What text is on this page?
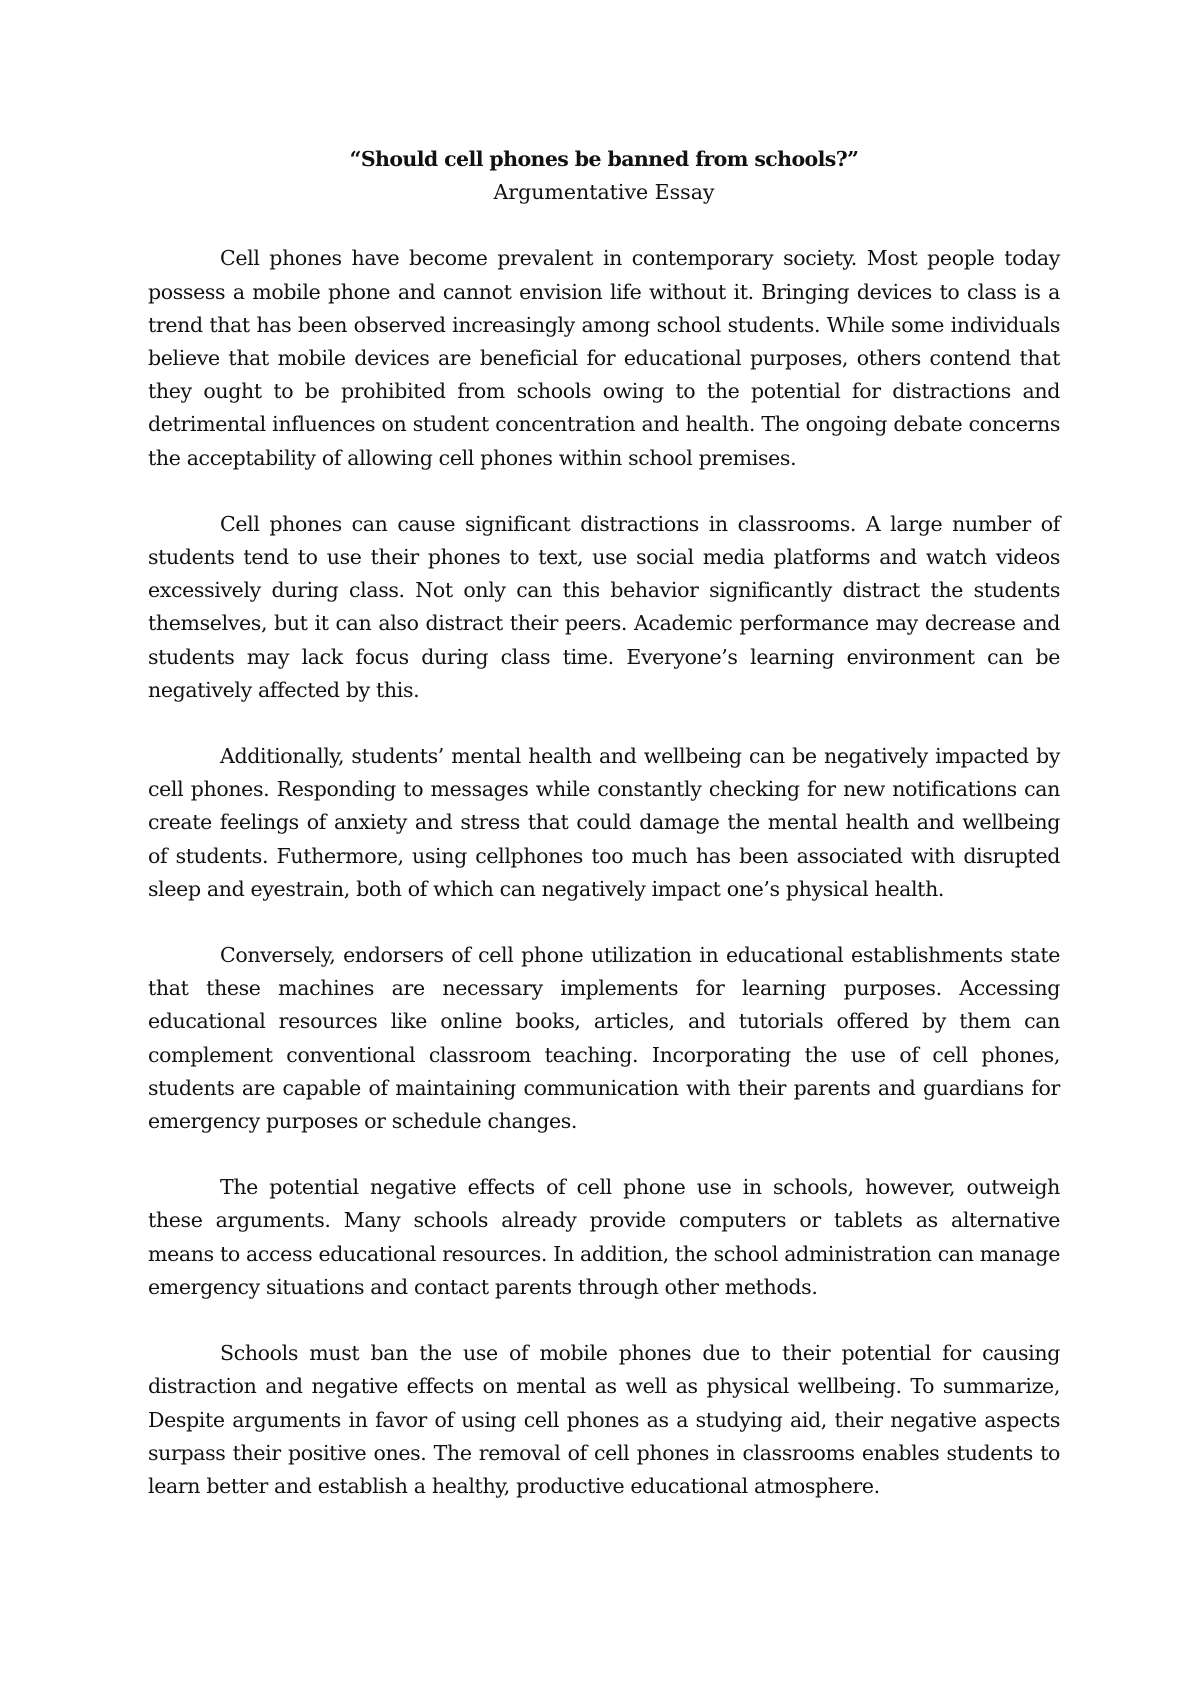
“Should cell phones be banned from schools?”

Argumentative Essay

Cell phones have become prevalent in contemporary society. Most people today possess a mobile phone and cannot envision life without it. Bringing devices to class is a trend that has been observed increasingly among school students. While some individuals believe that mobile devices are beneficial for educational purposes, others contend that they ought to be prohibited from schools owing to the potential for distractions and detrimental influences on student concentration and health. The ongoing debate concerns the acceptability of allowing cell phones within school premises.

Cell phones can cause significant distractions in classrooms. A large number of students tend to use their phones to text, use social media platforms and watch videos excessively during class. Not only can this behavior significantly distract the students themselves, but it can also distract their peers. Academic performance may decrease and students may lack focus during class time. Everyone’s learning environment can be negatively affected by this.

Additionally, students’ mental health and wellbeing can be negatively impacted by cell phones. Responding to messages while constantly checking for new notifications can create feelings of anxiety and stress that could damage the mental health and wellbeing of students. Futhermore, using cellphones too much has been associated with disrupted sleep and eyestrain, both of which can negatively impact one’s physical health.

Conversely, endorsers of cell phone utilization in educational establishments state that these machines are necessary implements for learning purposes. Accessing educational resources like online books, articles, and tutorials offered by them can complement conventional classroom teaching. Incorporating the use of cell phones, students are capable of maintaining communication with their parents and guardians for emergency purposes or schedule changes.

The potential negative effects of cell phone use in schools, however, outweigh these arguments. Many schools already provide computers or tablets as alternative means to access educational resources. In addition, the school administration can manage emergency situations and contact parents through other methods.

Schools must ban the use of mobile phones due to their potential for causing distraction and negative effects on mental as well as physical wellbeing. To summarize, Despite arguments in favor of using cell phones as a studying aid, their negative aspects surpass their positive ones. The removal of cell phones in classrooms enables students to learn better and establish a healthy, productive educational atmosphere.
